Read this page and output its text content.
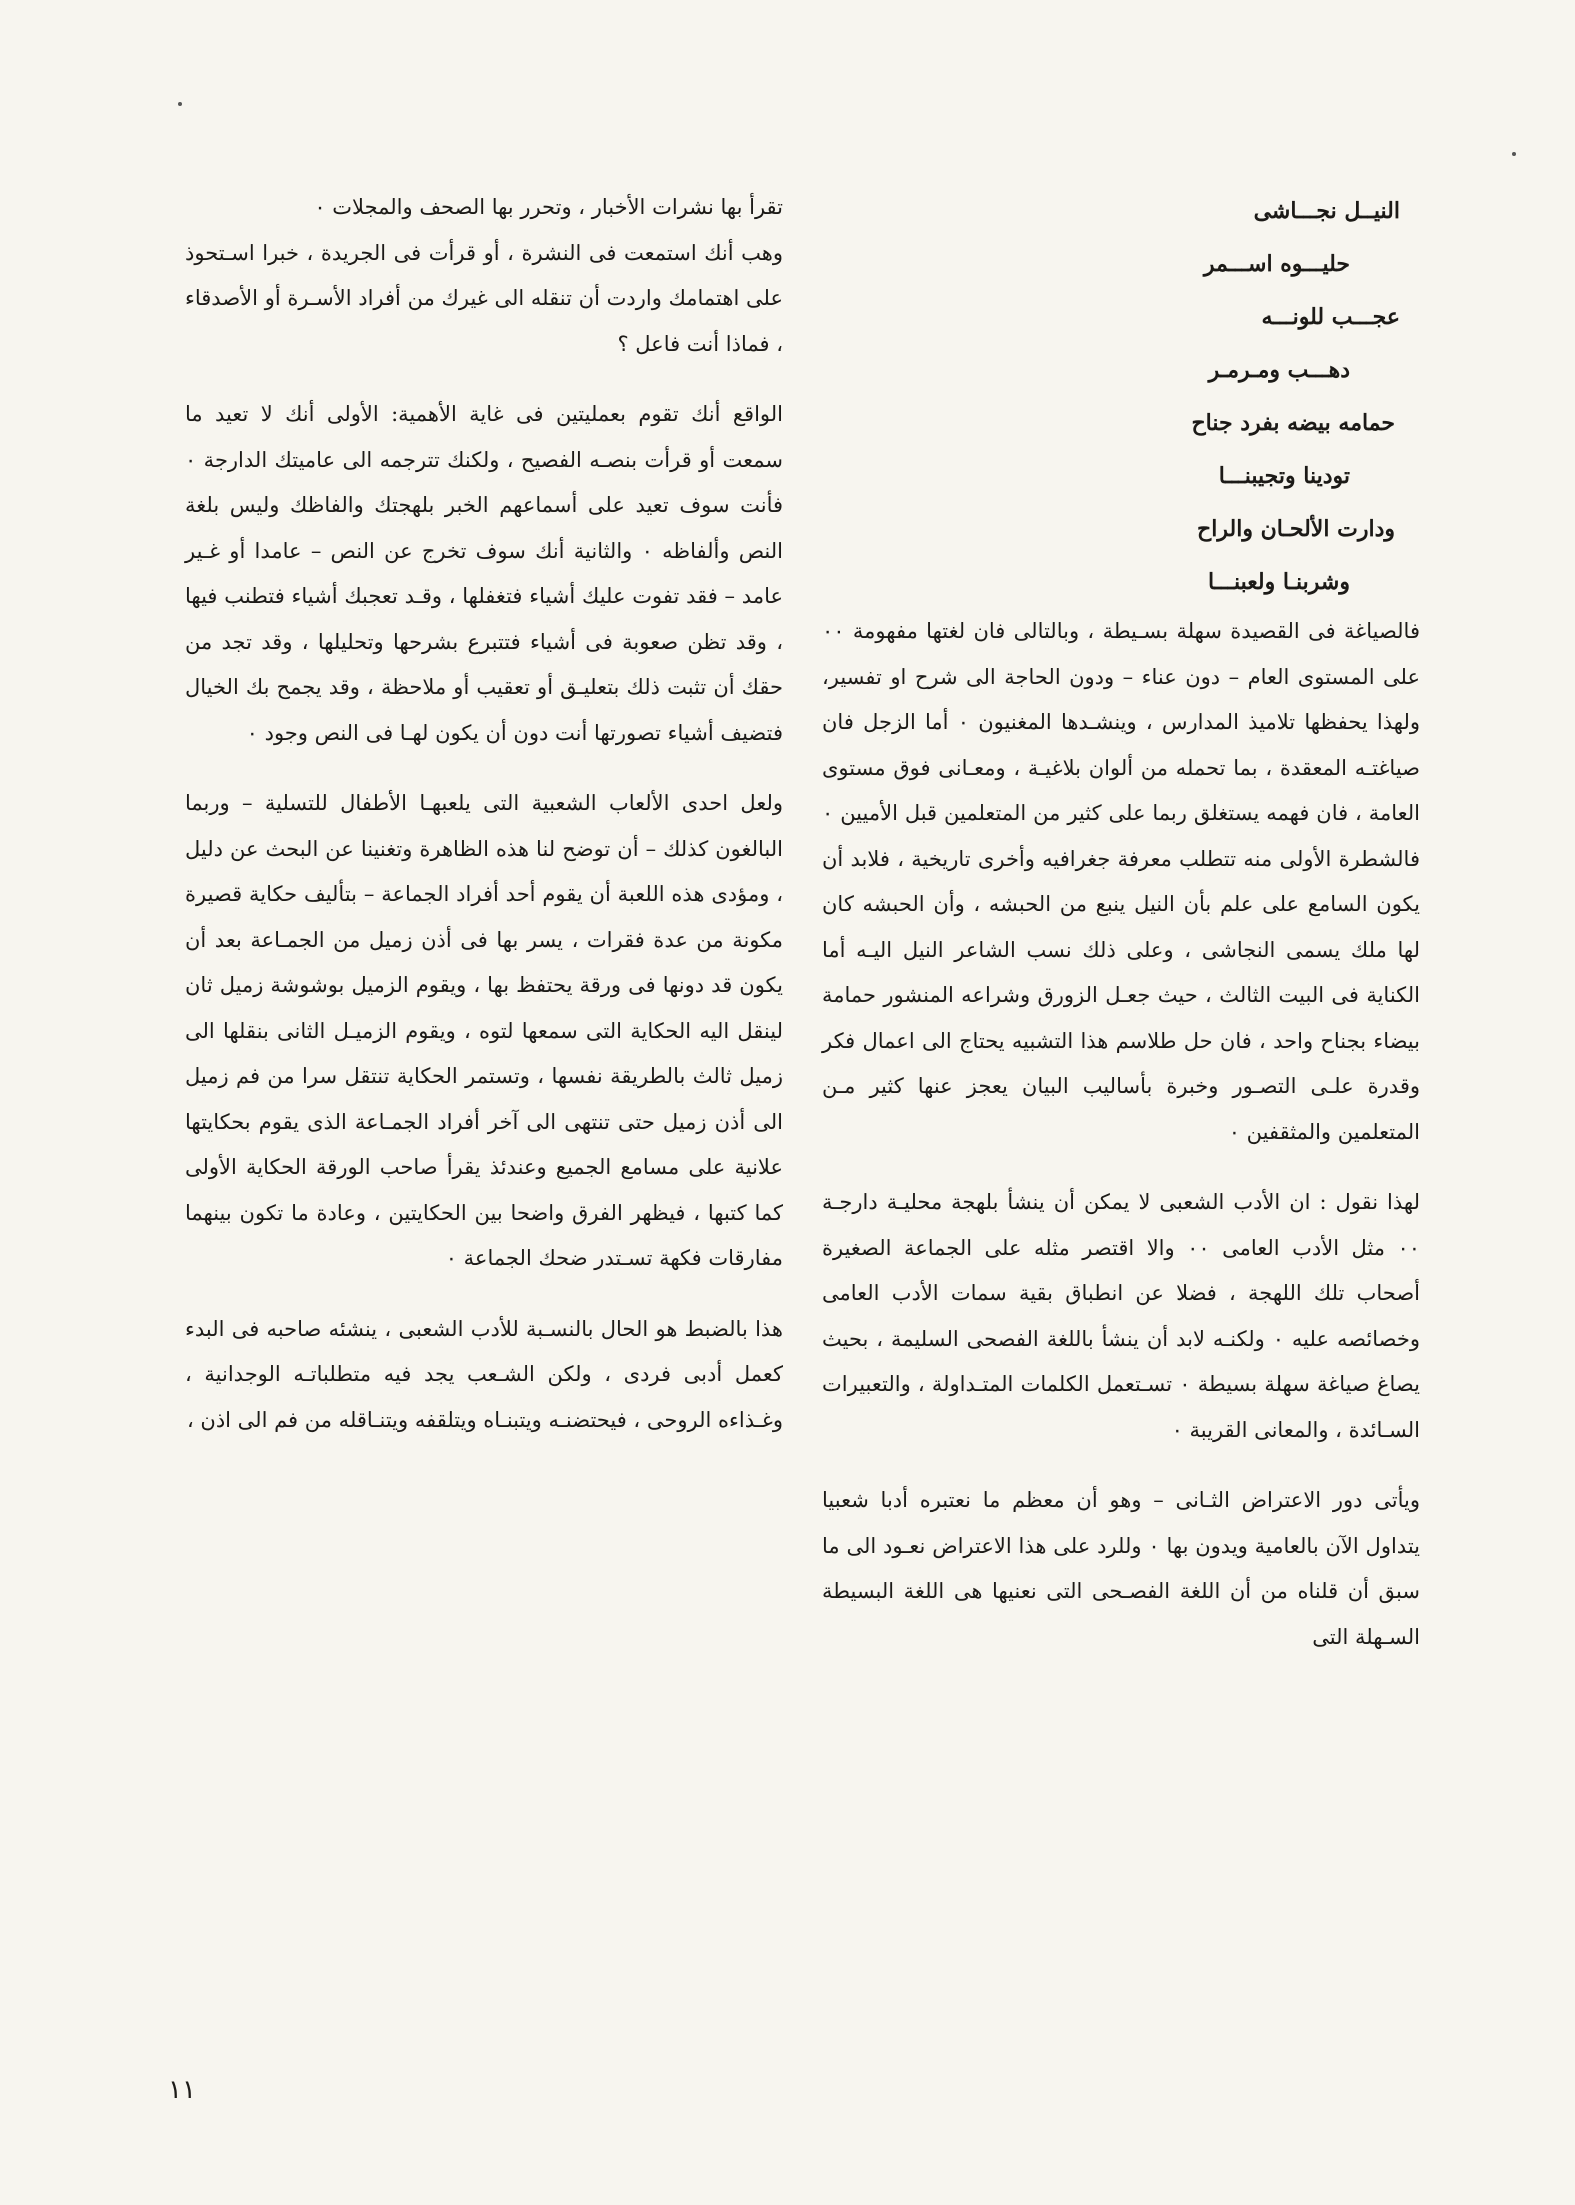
النيــل نجـــاشى
حليـــوه اســـمر
عجـــب للونـــه
دهـــب ومـرمـر
حمامه بيضه بفرد جناح
تودينا وتجيبنـــا
ودارت الألحـان والراح
وشربنـا ولعبنـــا

فالصياغة فى القصيدة سهلة بسـيطة ، وبالتالى فان لغتها مفهومة ٠٠ على المستوى العام – دون عناء – ودون الحاجة الى شرح او تفسير، ولهذا يحفظها تلاميذ المدارس ، وينشـدها المغنيون ٠ أما الزجل فان صياغتـه المعقدة ، بما تحمله من ألوان بلاغيـة ، ومعـانى فوق مستوى العامة ، فان فهمه يستغلق ربما على كثير من المتعلمين قبل الأميين ٠ فالشطرة الأولى منه تتطلب معرفة جغرافيه وأخرى تاريخية ، فلابد أن يكون السامع على علم بأن النيل ينبع من الحبشه ، وأن الحبشه كان لها ملك يسمى النجاشى ، وعلى ذلك نسب الشاعر النيل اليـه أما الكناية فى البيت الثالث ، حيث جعـل الزورق وشراعه المنشور حمامة بيضاء بجناح واحد ، فان حل طلاسم هذا التشبيه يحتاج الى اعمال فكر وقدرة علـى التصـور وخبرة بأساليب البيان يعجز عنها كثير مـن المتعلمين والمثقفين ٠

لهذا نقول : ان الأدب الشعبى لا يمكن أن ينشأ بلهجة محليـة دارجـة ٠٠ مثل الأدب العامى ٠٠ والا اقتصر مثله على الجماعة الصغيرة أصحاب تلك اللهجة ، فضلا عن انطباق بقية سمات الأدب العامى وخصائصه عليه ٠ ولكنـه لابد أن ينشأ باللغة الفصحى السليمة ، بحيث يصاغ صياغة سهلة بسيطة ٠ تسـتعمل الكلمات المتـداولة ، والتعبيرات السـائدة ، والمعانى القريبة ٠

ويأتى دور الاعتراض الثـانى – وهو أن معظم ما نعتبره أدبا شعبيا يتداول الآن بالعامية ويدون بها ٠ وللرد على هذا الاعتراض نعـود الى ما سبق أن قلناه من أن اللغة الفصـحى التى نعنيها هى اللغة البسيطة السـهلة التى

تقرأ بها نشرات الأخبار ، وتحرر بها الصحف والمجلات ٠

وهب أنك استمعت فى النشرة ، أو قرأت فى الجريدة ، خبرا اسـتحوذ على اهتمامك واردت أن تنقله الى غيرك من أفراد الأسـرة أو الأصدقاء ، فماذا أنت فاعل ؟

الواقع أنك تقوم بعمليتين فى غاية الأهمية: الأولى أنك لا تعيد ما سمعت أو قرأت بنصـه الفصيح ، ولكنك تترجمه الى عاميتك الدارجة ٠ فأنت سوف تعيد على أسماعهم الخبر بلهجتك والفاظك وليس بلغة النص وألفاظه ٠ والثانية أنك سوف تخرج عن النص – عامدا أو غـير عامد – فقد تفوت عليك أشياء فتغفلها ، وقـد تعجبك أشياء فتطنب فيها ، وقد تظن صعوبة فى أشياء فتتبرع بشرحها وتحليلها ، وقد تجد من حقك أن تثبت ذلك بتعليـق أو تعقيب أو ملاحظة ، وقد يجمح بك الخيال فتضيف أشياء تصورتها أنت دون أن يكون لهـا فى النص وجود ٠

ولعل احدى الألعاب الشعبية التى يلعبهـا الأطفال للتسلية – وربما البالغون كذلك – أن توضح لنا هذه الظاهرة وتغنينا عن البحث عن دليل ، ومؤدى هذه اللعبة أن يقوم أحد أفراد الجماعة – بتأليف حكاية قصيرة مكونة من عدة فقرات ، يسر بها فى أذن زميل من الجمـاعة بعد أن يكون قد دونها فى ورقة يحتفظ بها ، ويقوم الزميل بوشوشة زميل ثان لينقل اليه الحكاية التى سمعها لتوه ، ويقوم الزميـل الثانى بنقلها الى زميل ثالث بالطريقة نفسها ، وتستمر الحكاية تنتقل سرا من فم زميل الى أذن زميل حتى تنتهى الى آخر أفراد الجمـاعة الذى يقوم بحكايتها علانية على مسامع الجميع وعندئذ يقرأ صاحب الورقة الحكاية الأولى كما كتبها ، فيظهر الفرق واضحا بين الحكايتين ، وعادة ما تكون بينهما مفارقات فكهة تسـتدر ضحك الجماعة ٠

هذا بالضبط هو الحال بالنسـبة للأدب الشعبى ، ينشئه صاحبه فى البدء كعمل أدبى فردى ، ولكن الشـعب يجد فيه متطلباتـه الوجدانية ، وغـذاءه الروحى ، فيحتضنـه ويتبنـاه ويتلقفه ويتنـاقله من فم الى اذن ،

١١
